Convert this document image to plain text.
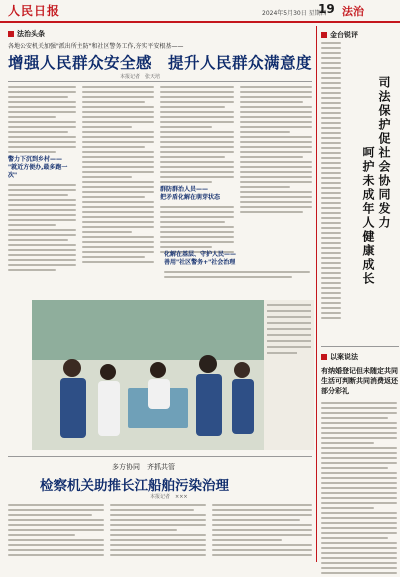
人民日报	2024年5月30日 星期四
19 法治
法治头条
各地公安机关加强"派出所主防"和社区警务工作,夯实平安根基——
增强人民群众安全感　提升人民群众满意度
本报记者　张天培
警力下沉到乡村——
"就近方便办,最多跑一次"
群防群治人员——
把矛盾化解在萌芽状态
化解在基层、守护人民——
善用"社区警务+"社会治理
多方协同　齐抓共管
检察机关助推长江船舶污染治理
本报记者　×××
金台锐评
司法保护促社会协同发力
呵护未成年人健康成长
以案说法
有纳婚登记但未随定共同生活可判断共同消费返还部分彩礼
